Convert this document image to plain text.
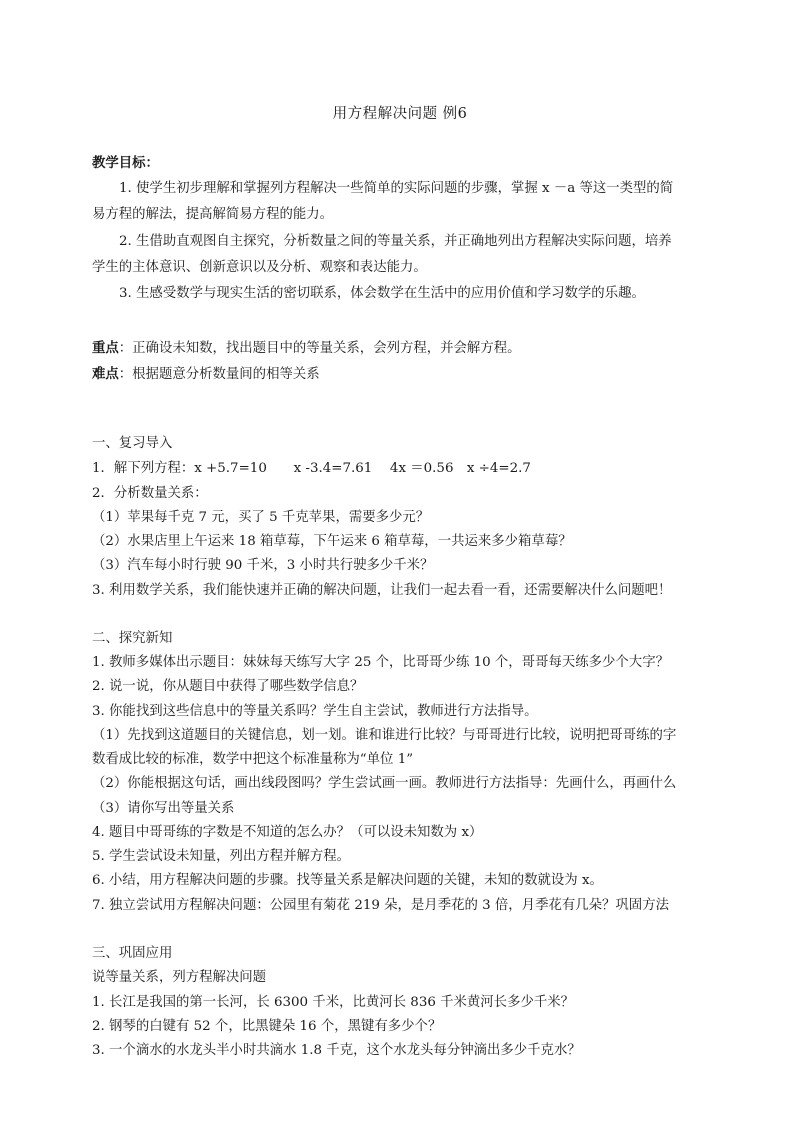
用方程解决问题 例6
教学目标：
1. 使学生初步理解和掌握列方程解决一些简单的实际问题的步骤，掌握 x －a 等这一类型的简
易方程的解法，提高解简易方程的能力。
2. 生借助直观图自主探究，分析数量之间的等量关系，并正确地列出方程解决实际问题，培养
学生的主体意识、创新意识以及分析、观察和表达能力。
3. 生感受数学与现实生活的密切联系，体会数学在生活中的应用价值和学习数学的乐趣。
重点：正确设未知数，找出题目中的等量关系，会列方程，并会解方程。
难点：根据题意分析数量间的相等关系
一、复习导入
1．解下列方程：x +5.7=10　　x -3.4=7.61　 4x ＝0.56　x ÷4=2.7
2．分析数量关系：
（1）苹果每千克 7 元，买了 5 千克苹果，需要多少元？
（2）水果店里上午运来 18 箱草莓，下午运来 6 箱草莓，一共运来多少箱草莓？
（3）汽车每小时行驶 90 千米，3 小时共行驶多少千米？
3. 利用数学关系，我们能快速并正确的解决问题，让我们一起去看一看，还需要解决什么问题吧！
二、探究新知
1. 教师多媒体出示题目：妹妹每天练写大字 25 个，比哥哥少练 10 个，哥哥每天练多少个大字？
2. 说一说，你从题目中获得了哪些数学信息？
3. 你能找到这些信息中的等量关系吗？学生自主尝试，教师进行方法指导。
（1）先找到这道题目的关键信息，划一划。谁和谁进行比较？与哥哥进行比较，说明把哥哥练的字
数看成比较的标准，数学中把这个标准量称为“单位 1”
（2）你能根据这句话，画出线段图吗？学生尝试画一画。教师进行方法指导：先画什么，再画什么
（3）请你写出等量关系
4. 题目中哥哥练的字数是不知道的怎么办？（可以设未知数为 x）
5. 学生尝试设未知量，列出方程并解方程。
6. 小结，用方程解决问题的步骤。找等量关系是解决问题的关键，未知的数就设为 x。
7. 独立尝试用方程解决问题：公园里有菊花 219 朵，是月季花的 3 倍，月季花有几朵？巩固方法
三、巩固应用
说等量关系，列方程解决问题
1. 长江是我国的第一长河，长 6300 千米，比黄河长 836 千米黄河长多少千米？
2. 钢琴的白键有 52 个，比黑键朵 16 个，黑键有多少个？
3. 一个滴水的水龙头半小时共滴水 1.8 千克，这个水龙头每分钟滴出多少千克水？
